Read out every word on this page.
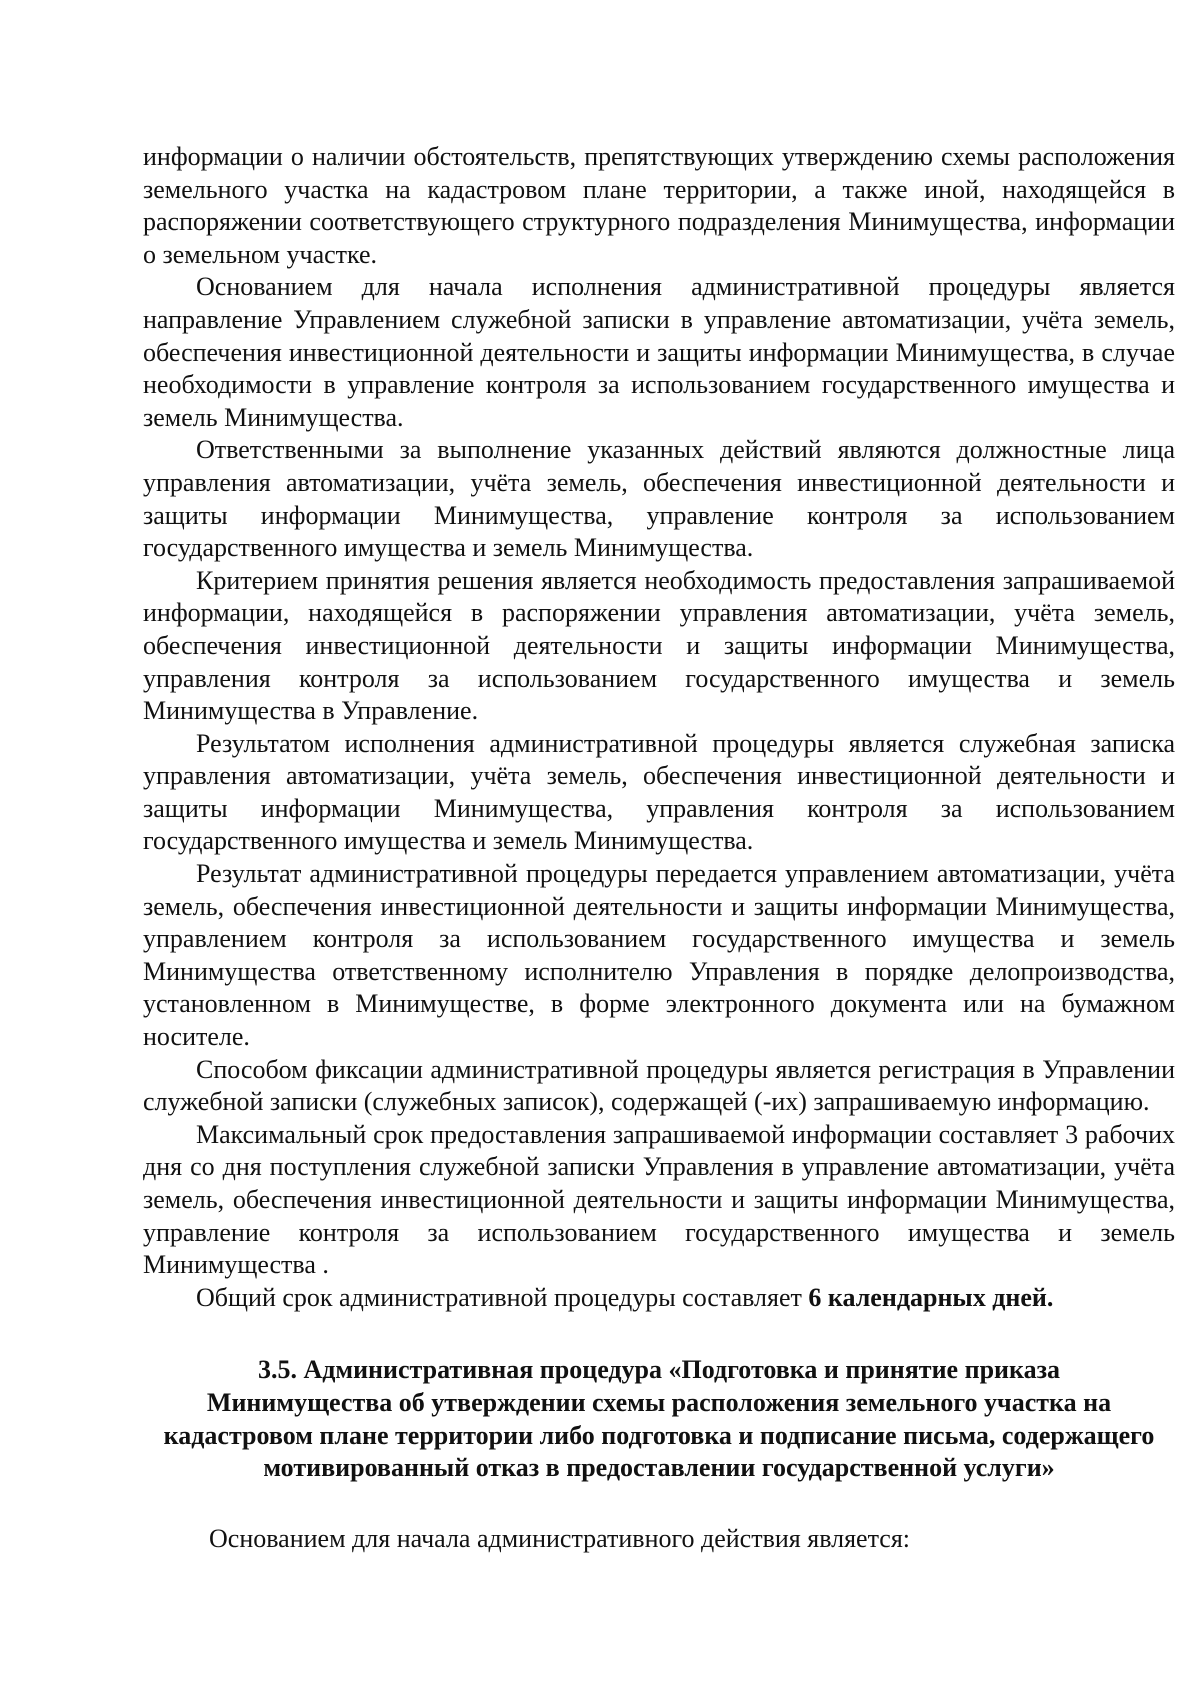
информации о наличии обстоятельств, препятствующих утверждению схемы расположения земельного участка на кадастровом плане территории, а также иной, находящейся в распоряжении соответствующего структурного подразделения Минимущества, информации о земельном участке.

Основанием для начала исполнения административной процедуры является направление Управлением служебной записки в управление автоматизации, учёта земель, обеспечения инвестиционной деятельности и защиты информации Минимущества, в случае необходимости в управление контроля за использованием государственного имущества и земель Минимущества.

Ответственными за выполнение указанных действий являются должностные лица управления автоматизации, учёта земель, обеспечения инвестиционной деятельности и защиты информации Минимущества, управление контроля за использованием государственного имущества и земель Минимущества.

Критерием принятия решения является необходимость предоставления запрашиваемой информации, находящейся в распоряжении управления автоматизации, учёта земель, обеспечения инвестиционной деятельности и защиты информации Минимущества, управления контроля за использованием государственного имущества и земель Минимущества в Управление.

Результатом исполнения административной процедуры является служебная записка управления автоматизации, учёта земель, обеспечения инвестиционной деятельности и защиты информации Минимущества, управления контроля за использованием государственного имущества и земель Минимущества.

Результат административной процедуры передается управлением автоматизации, учёта земель, обеспечения инвестиционной деятельности и защиты информации Минимущества, управлением контроля за использованием государственного имущества и земель Минимущества ответственному исполнителю Управления в порядке делопроизводства, установленном в Минимуществе, в форме электронного документа или на бумажном носителе.

Способом фиксации административной процедуры является регистрация в Управлении служебной записки (служебных записок), содержащей (-их) запрашиваемую информацию.

Максимальный срок предоставления запрашиваемой информации составляет 3 рабочих дня со дня поступления служебной записки Управления в управление автоматизации, учёта земель, обеспечения инвестиционной деятельности и защиты информации Минимущества, управление контроля за использованием государственного имущества и земель Минимущества .

Общий срок административной процедуры составляет 6 календарных дней.

3.5. Административная процедура «Подготовка и принятие приказа Минимущества об утверждении схемы расположения земельного участка на кадастровом плане территории либо подготовка и подписание письма, содержащего мотивированный отказ в предоставлении государственной услуги»

Основанием для начала административного действия является:
